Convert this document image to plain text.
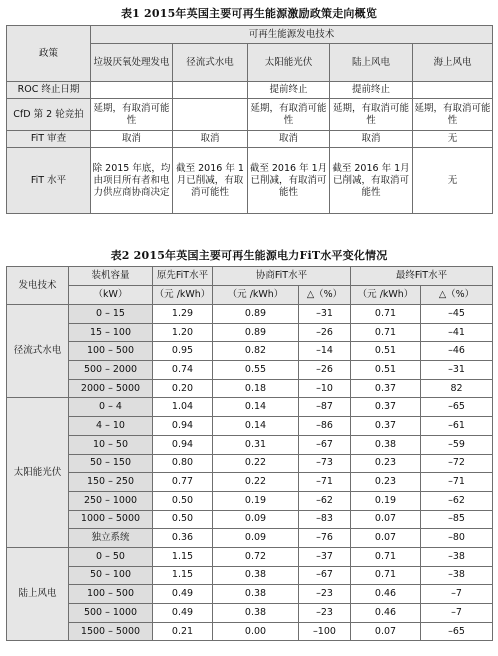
表1 2015年英国主要可再生能源激励政策走向概览
政策	可再生能源发电技术				
	垃圾厌氧处理发电	径流式水电	太阳能光伏	陆上风电	海上风电
ROC 终止日期			提前终止	提前终止	
CfD 第 2 轮竞拍	延期，有取消可能性		延期，有取消可能性	延期，有取消可能性	延期，有取消可能性
FiT 审查	取消	取消	取消	取消	无
FiT 水平	除 2015 年底，均由项目所有者和电力供应商协商决定	截至 2016 年 1月已削减，有取消可能性	截至 2016 年 1月已削减，有取消可能性	截至 2016 年 1月已削减，有取消可能性	无
表2 2015年英国主要可再生能源电力FiT水平变化情况
发电技术	装机容量	原先FiT水平	协商FiT水平		最终FiT水平	
	（kW）	（元 /kWh）	（元 /kWh）	△（%）	（元 /kWh）	△（%）
径流式水电	0 – 15	1.29	0.89	–31	0.71	–45
	15 – 100	1.20	0.89	–26	0.71	–41
	100 – 500	0.95	0.82	–14	0.51	–46
	500 – 2000	0.74	0.55	–26	0.51	–31
	2000 – 5000	0.20	0.18	–10	0.37	82
太阳能光伏	0 – 4	1.04	0.14	–87	0.37	–65
	4 – 10	0.94	0.14	–86	0.37	–61
	10 – 50	0.94	0.31	–67	0.38	–59
	50 – 150	0.80	0.22	–73	0.23	–72
	150 – 250	0.77	0.22	–71	0.23	–71
	250 – 1000	0.50	0.19	–62	0.19	–62
	1000 – 5000	0.50	0.09	–83	0.07	–85
	独立系统	0.36	0.09	–76	0.07	–80
陆上风电	0 – 50	1.15	0.72	–37	0.71	–38
	50 – 100	1.15	0.38	–67	0.71	–38
	100 – 500	0.49	0.38	–23	0.46	–7
	500 – 1000	0.49	0.38	–23	0.46	–7
	1500 – 5000	0.21	0.00	–100	0.07	–65
